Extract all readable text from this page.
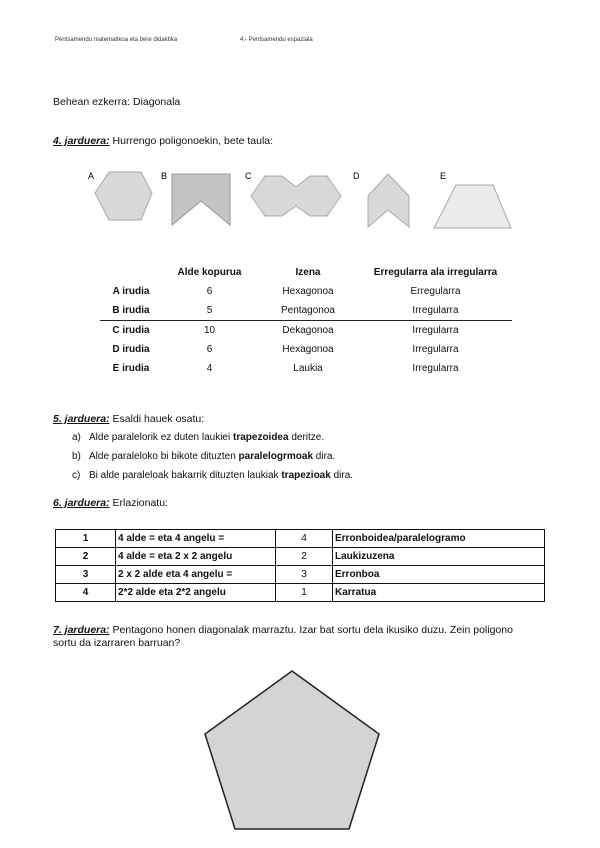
Pentsamendu matematikoa eta bere didaktika	4.- Pentsamendu espaziala
Behean ezkerra: Diagonala
4. jarduera: Hurrengo poligonoekin, bete taula:
A	B	C	D	E
	Alde kopurua	Izena	Erregularra ala irregularra
A irudia	6	Hexagonoa	Erregularra
B irudia	5	Pentagonoa	Irregularra
C irudia	10	Dekagonoa	Irregularra
D irudia	6	Hexagonoa	Irregularra
E irudia	4	Laukia	Irregularra
5. jarduera: Esaldi hauek osatu:
a) Alde paralelorik ez duten laukiei trapezoidea deritze.
b) Alde paraleloko bi bikote dituzten paralelogrmoak dira.
c) Bi alde paraleloak bakarrik dituzten laukiak trapezioak dira.
6. jarduera: Erlazionatu:
1	4 alde = eta 4 angelu =	4	Erronboidea/paralelogramo
2	4 alde = eta 2 x 2 angelu	2	Laukizuzena
3	2 x 2 alde eta 4 angelu =	3	Erronboa
4	2*2 alde eta 2*2 angelu	1	Karratua
7. jarduera: Pentagono honen diagonalak marraztu. Izar bat sortu dela ikusiko duzu. Zein poligono
sortu da izarraren barruan?
